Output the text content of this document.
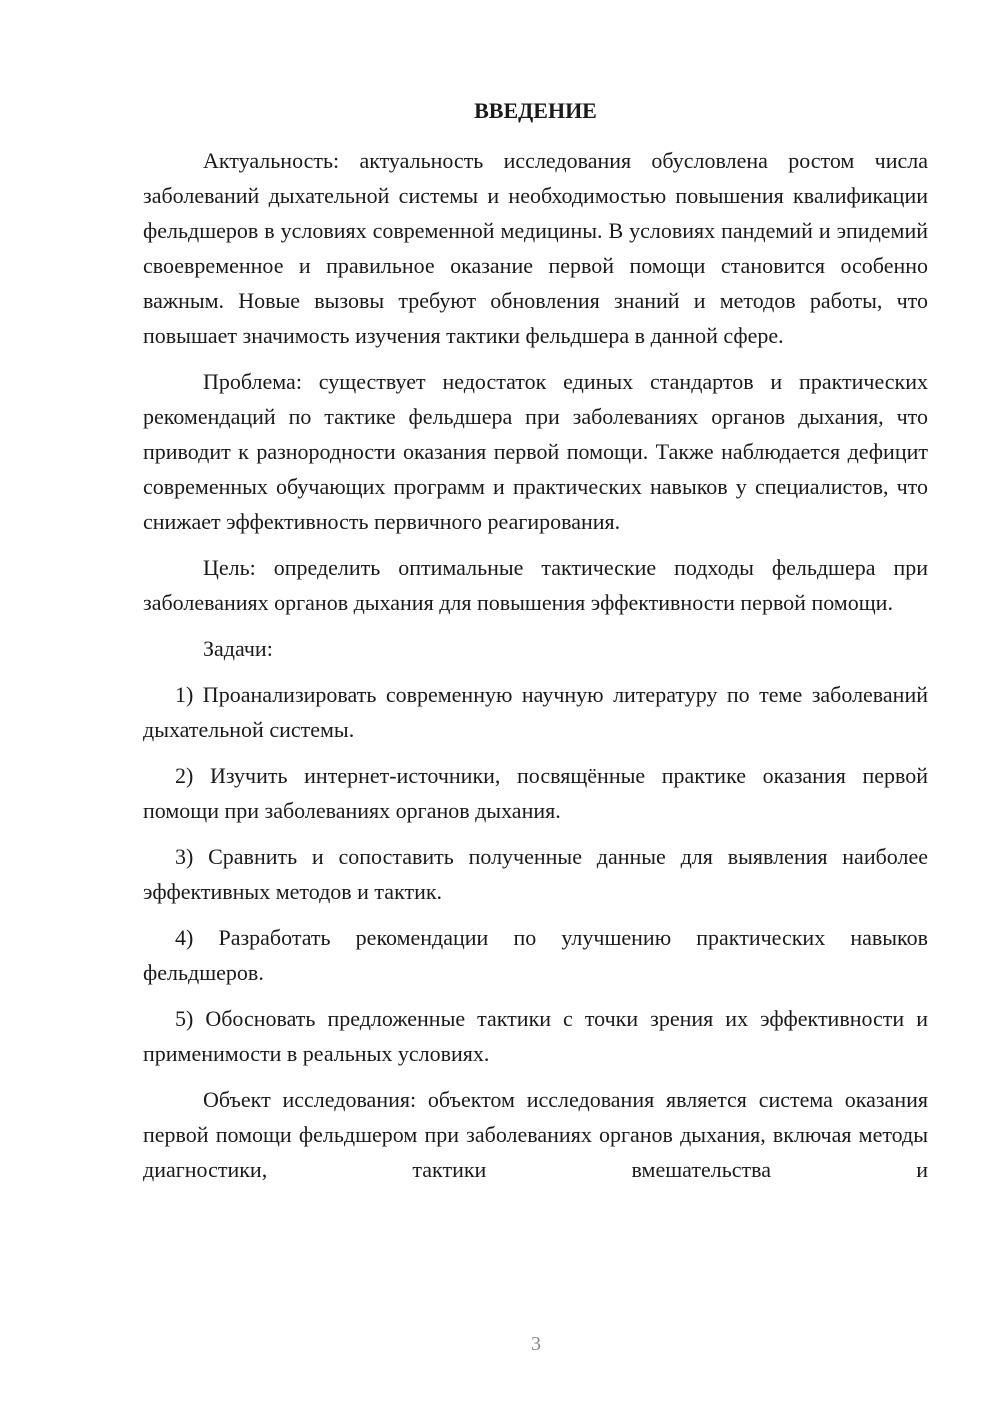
ВВЕДЕНИЕ

Актуальность: актуальность исследования обусловлена ростом числа заболеваний дыхательной системы и необходимостью повышения квалификации фельдшеров в условиях современной медицины. В условиях пандемий и эпидемий своевременное и правильное оказание первой помощи становится особенно важным. Новые вызовы требуют обновления знаний и методов работы, что повышает значимость изучения тактики фельдшера в данной сфере.

Проблема: существует недостаток единых стандартов и практических рекомендаций по тактике фельдшера при заболеваниях органов дыхания, что приводит к разнородности оказания первой помощи. Также наблюдается дефицит современных обучающих программ и практических навыков у специалистов, что снижает эффективность первичного реагирования.

Цель: определить оптимальные тактические подходы фельдшера при заболеваниях органов дыхания для повышения эффективности первой помощи.

Задачи:

1) Проанализировать современную научную литературу по теме заболеваний дыхательной системы.

2) Изучить интернет-источники, посвящённые практике оказания первой помощи при заболеваниях органов дыхания.

3) Сравнить и сопоставить полученные данные для выявления наиболее эффективных методов и тактик.

4) Разработать рекомендации по улучшению практических навыков фельдшеров.

5) Обосновать предложенные тактики с точки зрения их эффективности и применимости в реальных условиях.

Объект исследования: объектом исследования является система оказания первой помощи фельдшером при заболеваниях органов дыхания, включая методы диагностики, тактики вмешательства и

3
